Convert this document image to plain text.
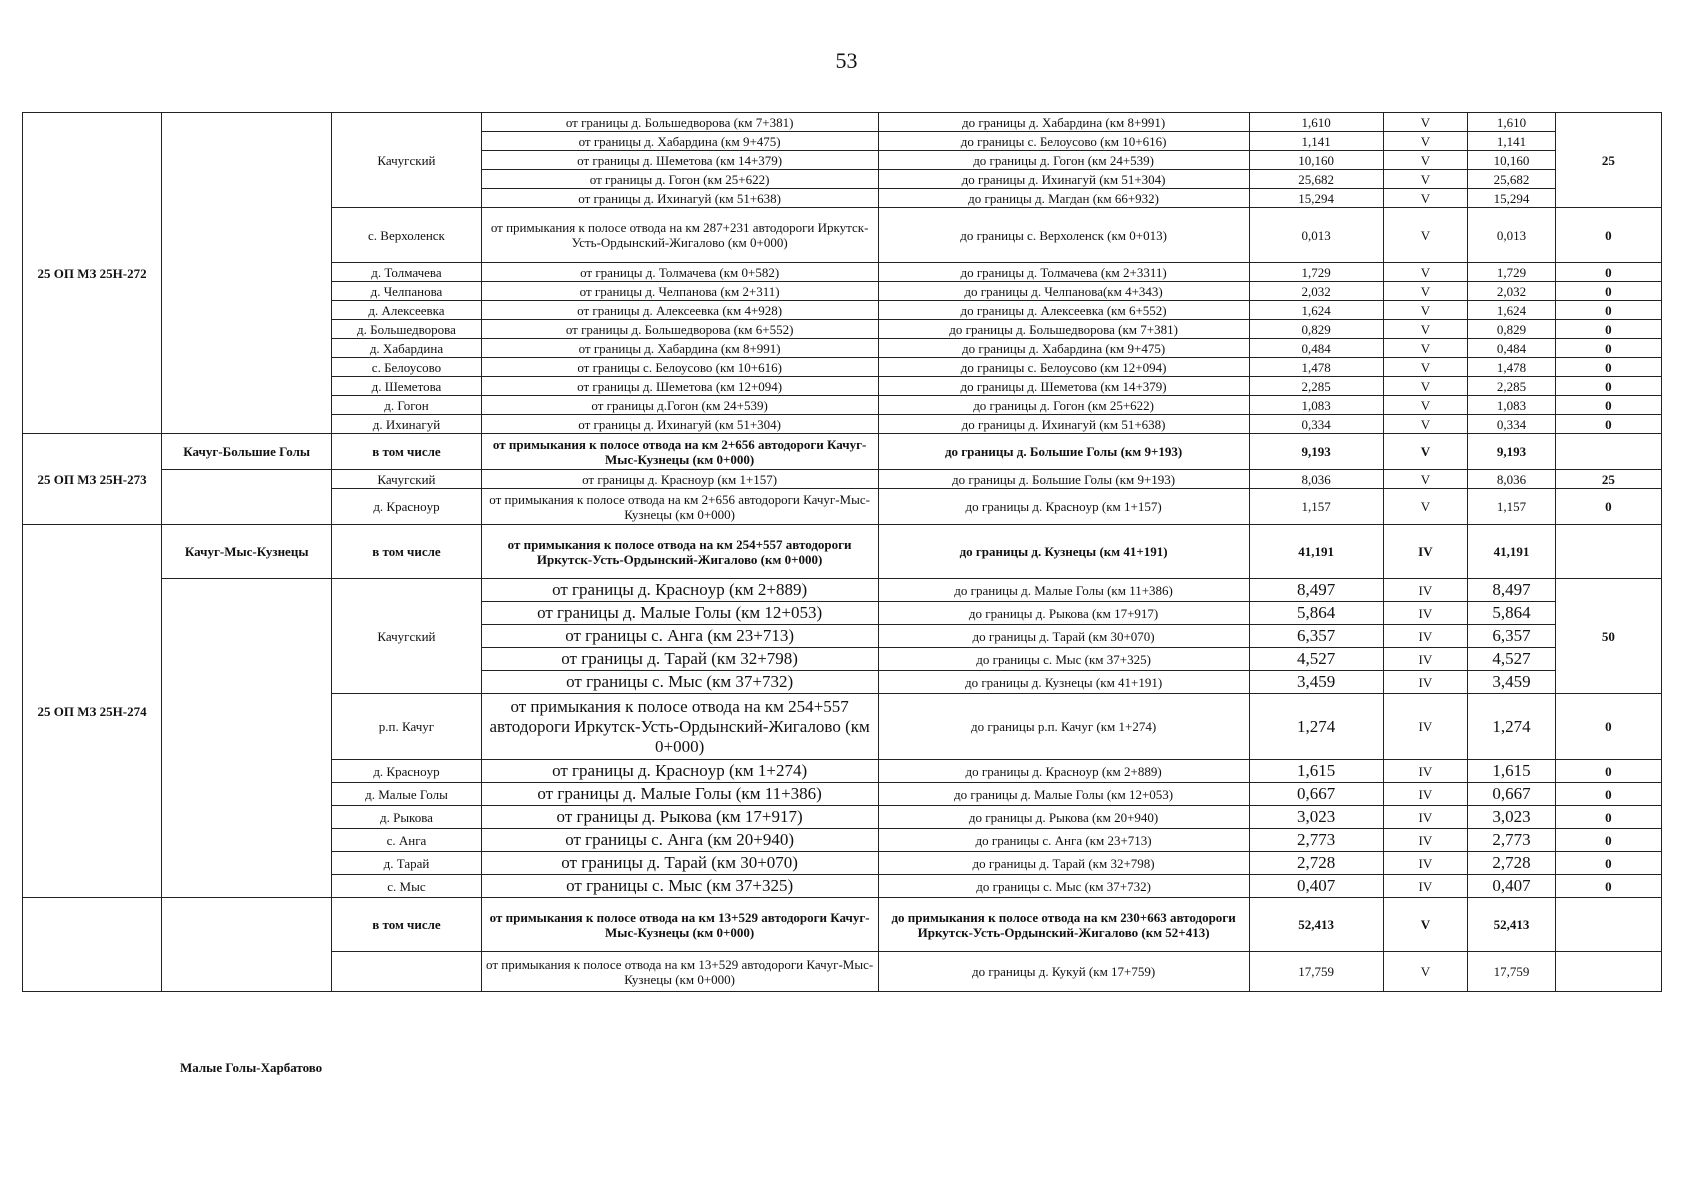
53
25 ОП МЗ 25Н-272		Качугский	от границы д. Большедворова (км 7+381)	до границы д. Хабардина (км 8+991)	1,610	V	1,610	25
			от границы д. Хабардина (км 9+475)	до границы с. Белоусово (км 10+616)	1,141	V	1,141	
			от границы д. Шеметова (км 14+379)	до границы д. Гогон (км 24+539)	10,160	V	10,160	
			от границы д. Гогон (км 25+622)	до границы д. Ихинагуй (км 51+304)	25,682	V	25,682	
			от границы д. Ихинагуй (км 51+638)	до границы д. Магдан (км 66+932)	15,294	V	15,294	
		с. Верхоленск	от примыкания к полосе отвода на км 287+231 автодороги Иркутск-Усть-Ордынский-Жигалово (км 0+000)	до границы с. Верхоленск (км 0+013)	0,013	V	0,013	0
		д. Толмачева	от границы д. Толмачева (км 0+582)	до границы д. Толмачева (км 2+3311)	1,729	V	1,729	0
		д. Челпанова	от границы д. Челпанова (км 2+311)	до границы д. Челпанова(км 4+343)	2,032	V	2,032	0
		д. Алексеевка	от границы д. Алексеевка (км 4+928)	до границы д. Алексеевка (км 6+552)	1,624	V	1,624	0
		д. Большедворова	от границы д. Большедворова (км 6+552)	до границы д. Большедворова (км 7+381)	0,829	V	0,829	0
		д. Хабардина	от границы д. Хабардина (км 8+991)	до границы д. Хабардина (км 9+475)	0,484	V	0,484	0
		с. Белоусово	от границы с. Белоусово (км 10+616)	до границы с. Белоусово (км 12+094)	1,478	V	1,478	0
		д. Шеметова	от границы д. Шеметова (км 12+094)	до границы д. Шеметова (км 14+379)	2,285	V	2,285	0
		д. Гогон	от границы д.Гогон (км 24+539)	до границы д. Гогон (км 25+622)	1,083	V	1,083	0
		д. Ихинагуй	от границы д. Ихинагуй (км 51+304)	до границы д. Ихинагуй (км 51+638)	0,334	V	0,334	0
25 ОП МЗ 25Н-273	Качуг-Большие Голы	в том числе	от примыкания к полосе отвода на км 2+656 автодороги Качуг-Мыс-Кузнецы (км 0+000)	до границы д. Большие Голы (км 9+193)	9,193	V	9,193	
		Качугский	от границы д. Красноyр (км 1+157)	до границы д. Большие Голы (км 9+193)	8,036	V	8,036	25
		д. Красноyр	от примыкания к полосе отвода на км 2+656 автодороги Качуг-Мыс-Кузнецы (км 0+000)	до границы д. Красноyр (км 1+157)	1,157	V	1,157	0
25 ОП МЗ 25Н-274	Качуг-Мыс-Кузнецы	в том числе	от примыкания к полосе отвода на км 254+557 автодороги Иркутск-Усть-Ордынский-Жигалово (км 0+000)	до границы д. Кузнецы (км 41+191)	41,191	IV	41,191	
		Качугский	от границы д. Красноyр (км 2+889)	до границы д. Малые Голы (км 11+386)	8,497	IV	8,497	50
			от границы д. Малые Голы (км 12+053)	до границы д. Рыкова (км 17+917)	5,864	IV	5,864	
			от границы с. Анга (км 23+713)	до границы д. Тарай (км 30+070)	6,357	IV	6,357	
			от границы д. Тарай (км 32+798)	до границы с. Мыс (км 37+325)	4,527	IV	4,527	
			от границы с. Мыс (км 37+732)	до границы д. Кузнецы (км 41+191)	3,459	IV	3,459	
		р.п. Качуг	от примыкания к полосе отвода на км 254+557 автодороги Иркутск-Усть-Ордынский-Жигалово (км 0+000)	до границы р.п. Качуг (км 1+274)	1,274	IV	1,274	0
		д. Красноyр	от границы д. Красноyр (км 1+274)	до границы д. Красноyр (км 2+889)	1,615	IV	1,615	0
		д. Малые Голы	от границы д. Малые Голы (км 11+386)	до границы д. Малые Голы (км 12+053)	0,667	IV	0,667	0
		д. Рыкова	от границы д. Рыкова (км 17+917)	до границы д. Рыкова (км 20+940)	3,023	IV	3,023	0
		с. Анга	от границы с. Анга (км 20+940)	до границы с. Анга (км 23+713)	2,773	IV	2,773	0
		д. Тарай	от границы д. Тарай (км 30+070)	до границы д. Тарай (км 32+798)	2,728	IV	2,728	0
		с. Мыс	от границы с. Мыс (км 37+325)	до границы с. Мыс (км 37+732)	0,407	IV	0,407	0
		в том числе	от примыкания к полосе отвода на км 13+529 автодороги Качуг-Мыс-Кузнецы (км 0+000)	до примыкания к полосе отвода на км 230+663 автодороги Иркутск-Усть-Ордынский-Жигалово (км 52+413)	52,413	V	52,413	
			от примыкания к полосе отвода на км 13+529 автодороги Качуг-Мыс-Кузнецы (км 0+000)	до границы д. Кукуй (км 17+759)	17,759	V	17,759	
Малые Голы-Харбатово
